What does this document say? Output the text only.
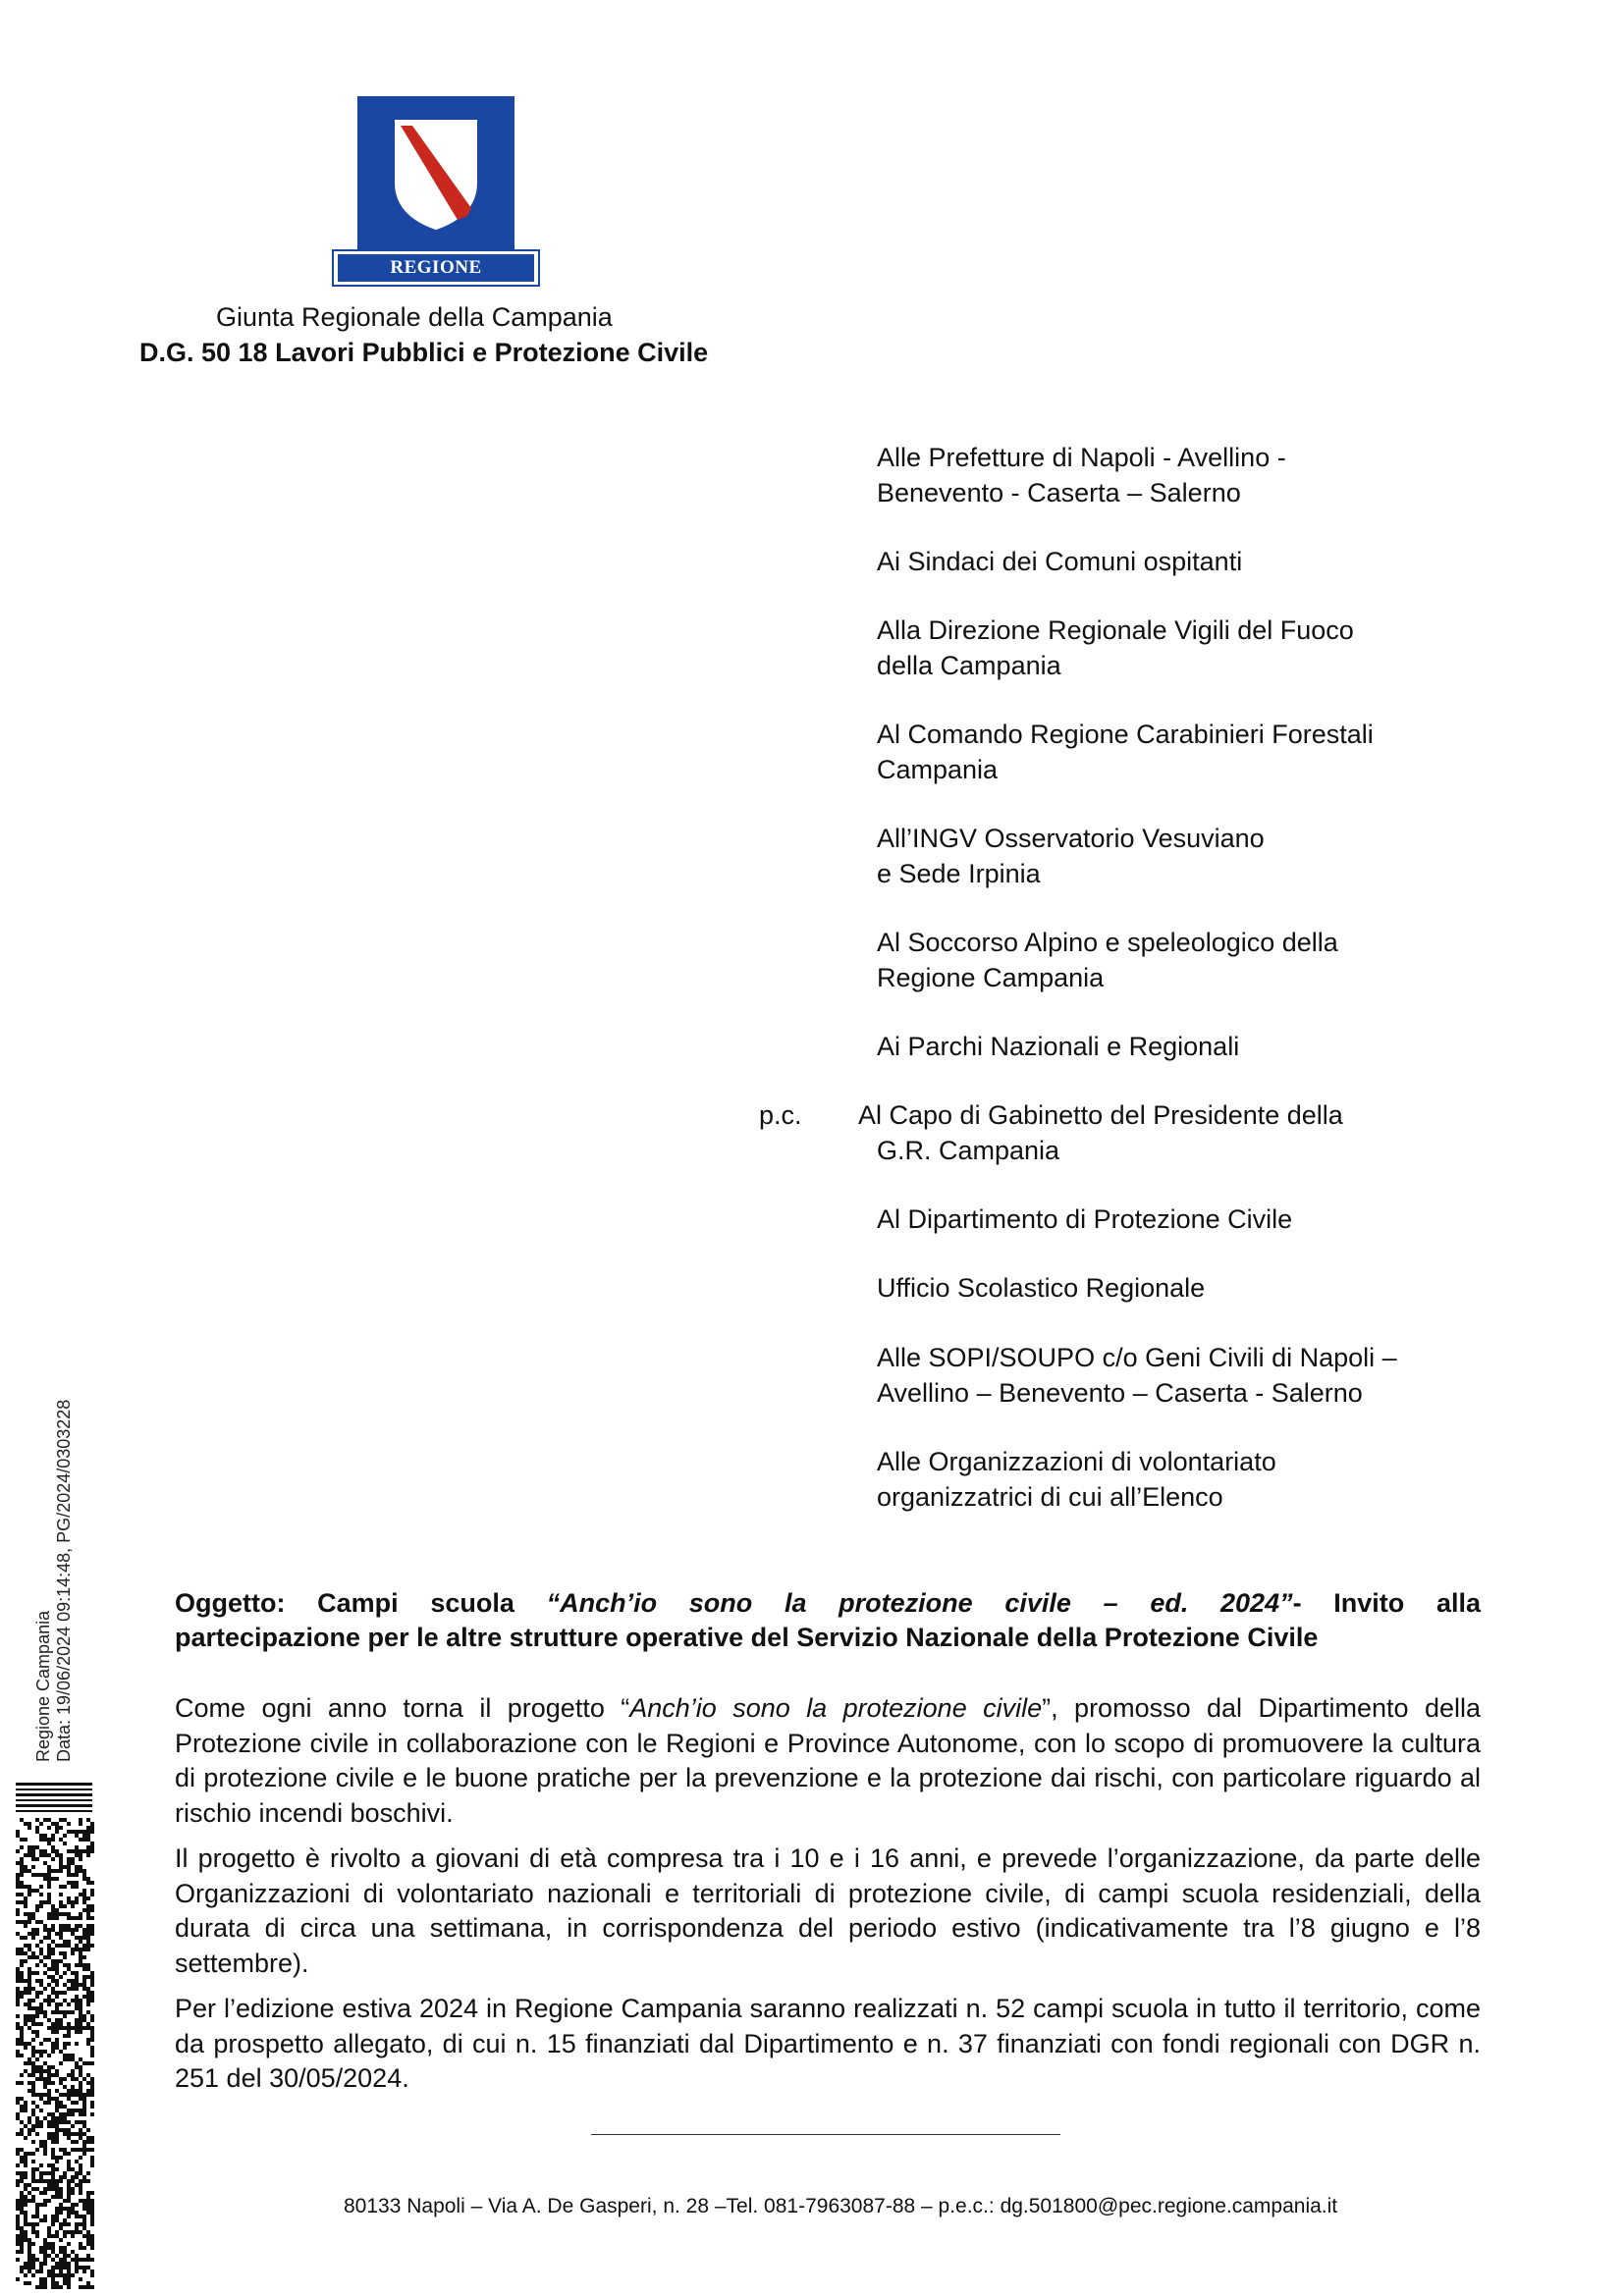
REGIONE CAMPANIA
Giunta Regionale della Campania
D.G. 50 18 Lavori Pubblici e Protezione Civile
Alle Prefetture di Napoli - Avellino -
Benevento - Caserta – Salerno
Ai Sindaci dei Comuni ospitanti
Alla Direzione Regionale Vigili del Fuoco
della Campania
Al Comando Regione Carabinieri Forestali
Campania
All’INGV Osservatorio Vesuviano
e Sede Irpinia
Al Soccorso Alpino e speleologico della
Regione Campania
Ai Parchi Nazionali e Regionali
p.c. Al Capo di Gabinetto del Presidente della
G.R. Campania
Al Dipartimento di Protezione Civile
Ufficio Scolastico Regionale
Alle SOPI/SOUPO c/o Geni Civili di Napoli –
Avellino – Benevento – Caserta - Salerno
Alle Organizzazioni di volontariato
organizzatrici di cui all’Elenco
Oggetto: Campi scuola “Anch’io sono la protezione civile – ed. 2024”- Invito alla
partecipazione per le altre strutture operative del Servizio Nazionale della Protezione Civile
Come ogni anno torna il progetto “Anch’io sono la protezione civile”, promosso dal Dipartimento della Protezione civile in collaborazione con le Regioni e Province Autonome, con lo scopo di promuovere la cultura di protezione civile e le buone pratiche per la prevenzione e la protezione dai rischi, con particolare riguardo al rischio incendi boschivi.
Il progetto è rivolto a giovani di età compresa tra i 10 e i 16 anni, e prevede l’organizzazione, da parte delle Organizzazioni di volontariato nazionali e territoriali di protezione civile, di campi scuola residenziali, della durata di circa una settimana, in corrispondenza del periodo estivo (indicativamente tra l’8 giugno e l’8 settembre).
Per l’edizione estiva 2024 in Regione Campania saranno realizzati n. 52 campi scuola in tutto il territorio, come da prospetto allegato, di cui n. 15 finanziati dal Dipartimento e n. 37 finanziati con fondi regionali con DGR n. 251 del 30/05/2024.
80133 Napoli – Via A. De Gasperi, n. 28 –Tel. 081-7963087-88 – p.e.c.: dg.501800@pec.regione.campania.it
Regione Campania Data: 19/06/2024 09:14:48, PG/2024/0303228
